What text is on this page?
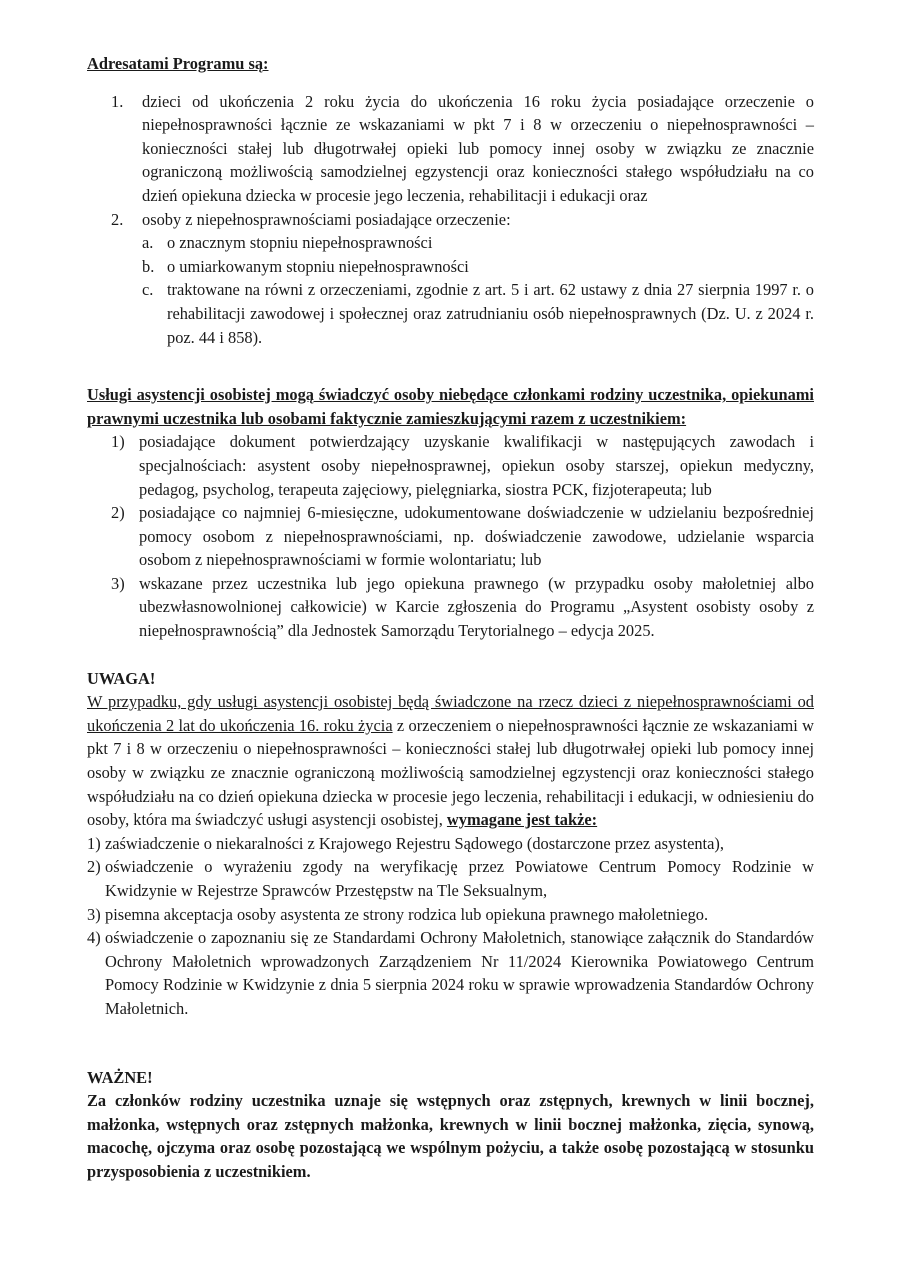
Adresatami Programu są:
1. dzieci od ukończenia 2 roku życia do ukończenia 16 roku życia posiadające orzeczenie o niepełnosprawności łącznie ze wskazaniami w pkt 7 i 8 w orzeczeniu o niepełnosprawności – konieczności stałej lub długotrwałej opieki lub pomocy innej osoby w związku ze znacznie ograniczoną możliwością samodzielnej egzystencji oraz konieczności stałego współudziału na co dzień opiekuna dziecka w procesie jego leczenia, rehabilitacji i edukacji oraz
2. osoby z niepełnosprawnościami posiadające orzeczenie:
a. o znacznym stopniu niepełnosprawności
b. o umiarkowanym stopniu niepełnosprawności
c. traktowane na równi z orzeczeniami, zgodnie z art. 5 i art. 62 ustawy z dnia 27 sierpnia 1997 r. o rehabilitacji zawodowej i społecznej oraz zatrudnianiu osób niepełnosprawnych (Dz. U. z 2024 r. poz. 44 i 858).
Usługi asystencji osobistej mogą świadczyć osoby niebędące członkami rodziny uczestnika, opiekunami prawnymi uczestnika lub osobami faktycznie zamieszkującymi razem z uczestnikiem:
1) posiadające dokument potwierdzający uzyskanie kwalifikacji w następujących zawodach i specjalnościach: asystent osoby niepełnosprawnej, opiekun osoby starszej, opiekun medyczny, pedagog, psycholog, terapeuta zajęciowy, pielęgniarka, siostra PCK, fizjoterapeuta; lub
2) posiadające co najmniej 6-miesięczne, udokumentowane doświadczenie w udzielaniu bezpośredniej pomocy osobom z niepełnosprawnościami, np. doświadczenie zawodowe, udzielanie wsparcia osobom z niepełnosprawnościami w formie wolontariatu; lub
3) wskazane przez uczestnika lub jego opiekuna prawnego (w przypadku osoby małoletniej albo ubezwłasnowolnionej całkowicie) w Karcie zgłoszenia do Programu „Asystent osobisty osoby z niepełnosprawnością” dla Jednostek Samorządu Terytorialnego – edycja 2025.
UWAGA!
W przypadku, gdy usługi asystencji osobistej będą świadczone na rzecz dzieci z niepełnosprawnościami od ukończenia 2 lat do ukończenia 16. roku życia z orzeczeniem o niepełnosprawności łącznie ze wskazaniami w pkt 7 i 8 w orzeczeniu o niepełnosprawności – konieczności stałej lub długotrwałej opieki lub pomocy innej osoby w związku ze znacznie ograniczoną możliwością samodzielnej egzystencji oraz konieczności stałego współudziału na co dzień opiekuna dziecka w procesie jego leczenia, rehabilitacji i edukacji, w odniesieniu do osoby, która ma świadczyć usługi asystencji osobistej, wymagane jest także:
1) zaświadczenie o niekaralności z Krajowego Rejestru Sądowego (dostarczone przez asystenta),
2) oświadczenie o wyrażeniu zgody na weryfikację przez Powiatowe Centrum Pomocy Rodzinie w Kwidzynie w Rejestrze Sprawców Przestępstw na Tle Seksualnym,
3) pisemna akceptacja osoby asystenta ze strony rodzica lub opiekuna prawnego małoletniego.
4) oświadczenie o zapoznaniu się ze Standardami Ochrony Małoletnich, stanowiące załącznik do Standardów Ochrony Małoletnich wprowadzonych Zarządzeniem Nr 11/2024 Kierownika Powiatowego Centrum Pomocy Rodzinie w Kwidzynie z dnia 5 sierpnia 2024 roku w sprawie wprowadzenia Standardów Ochrony Małoletnich.
WAŻNE!
Za członków rodziny uczestnika uznaje się wstępnych oraz zstępnych, krewnych w linii bocznej, małżonka, wstępnych oraz zstępnych małżonka, krewnych w linii bocznej małżonka, zięcia, synową, macochę, ojczyma oraz osobę pozostającą we wspólnym pożyciu, a także osobę pozostającą w stosunku przysposobienia z uczestnikiem.
